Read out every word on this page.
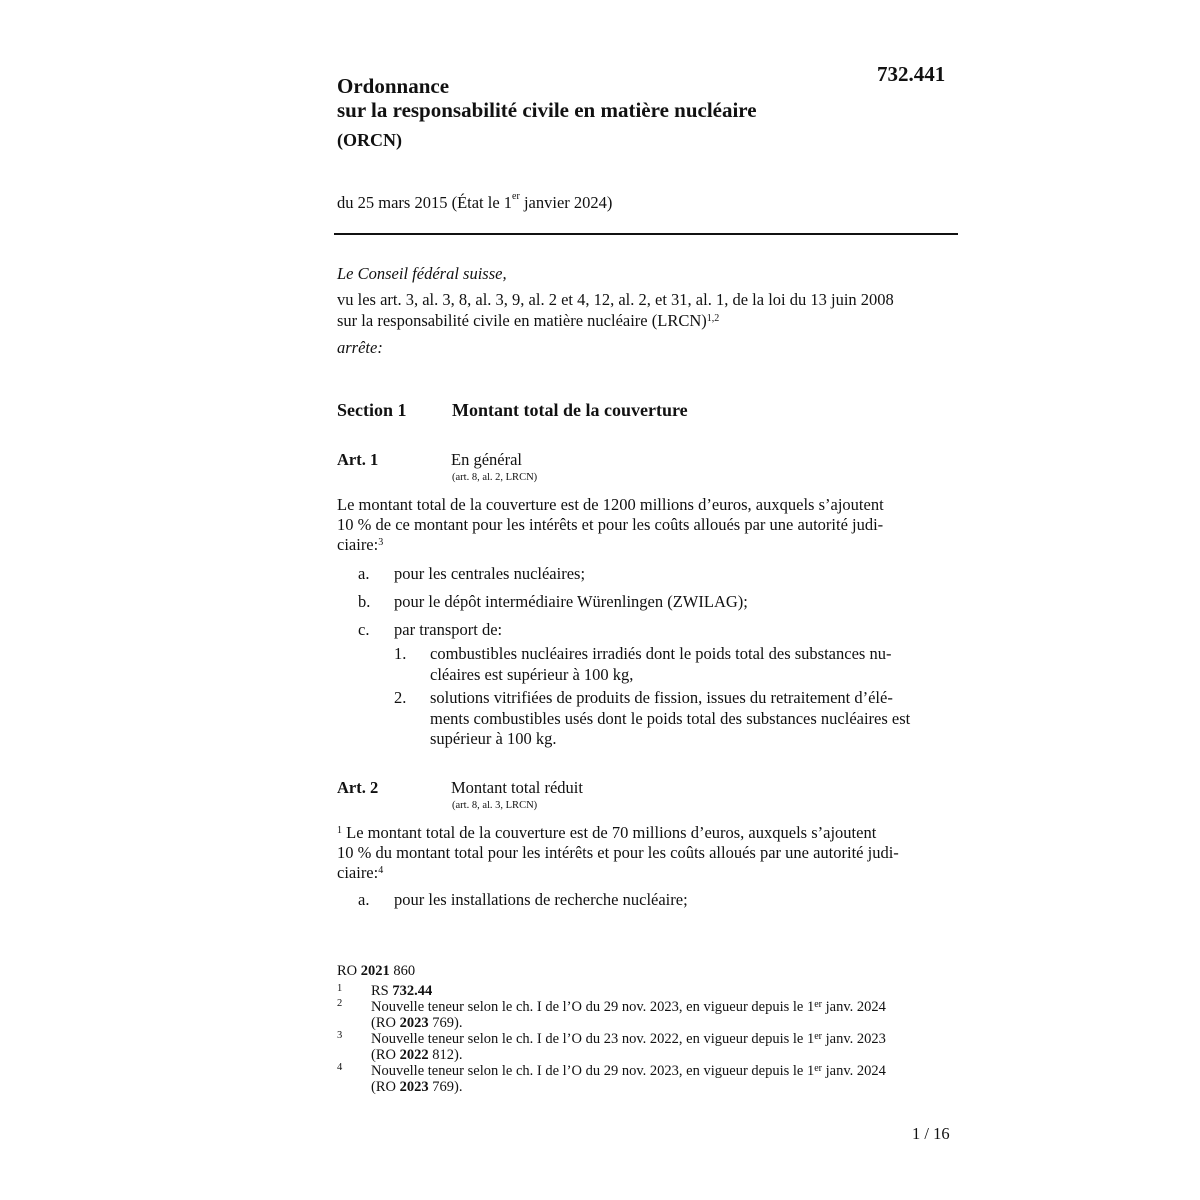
732.441
Ordonnance
sur la responsabilité civile en matière nucléaire
(ORCN)
du 25 mars 2015 (État le 1er janvier 2024)
Le Conseil fédéral suisse,
vu les art. 3, al. 3, 8, al. 3, 9, al. 2 et 4, 12, al. 2, et 31, al. 1, de la loi du 13 juin 2008
sur la responsabilité civile en matière nucléaire (LRCN)$^{1,2}$
arrête:
Section 1	Montant total de la couverture
Art. 1	En général
(art. 8, al. 2, LRCN)
Le montant total de la couverture est de 1200 millions d’euros, auxquels s’ajoutent
10 % de ce montant pour les intérêts et pour les coûts alloués par une autorité judi-
ciaire:$^3$
a. pour les centrales nucléaires;
b. pour le dépôt intermédiaire Würenlingen (ZWILAG);
c. par transport de:
1. combustibles nucléaires irradiés dont le poids total des substances nu-
cléaires est supérieur à 100 kg,
2. solutions vitrifiées de produits de fission, issues du retraitement d’élé-
ments combustibles usés dont le poids total des substances nucléaires est
supérieur à 100 kg.
Art. 2	Montant total réduit
(art. 8, al. 3, LRCN)
$^1$ Le montant total de la couverture est de 70 millions d’euros, auxquels s’ajoutent
10 % du montant total pour les intérêts et pour les coûts alloués par une autorité judi-
ciaire:$^4$
a. pour les installations de recherche nucléaire;
RO 2021 860
1 RS 732.44
2 Nouvelle teneur selon le ch. I de l’O du 29 nov. 2023, en vigueur depuis le 1er janv. 2024
(RO 2023 769).
3 Nouvelle teneur selon le ch. I de l’O du 23 nov. 2022, en vigueur depuis le 1er janv. 2023
(RO 2022 812).
4 Nouvelle teneur selon le ch. I de l’O du 29 nov. 2023, en vigueur depuis le 1er janv. 2024
(RO 2023 769).
1 / 16
